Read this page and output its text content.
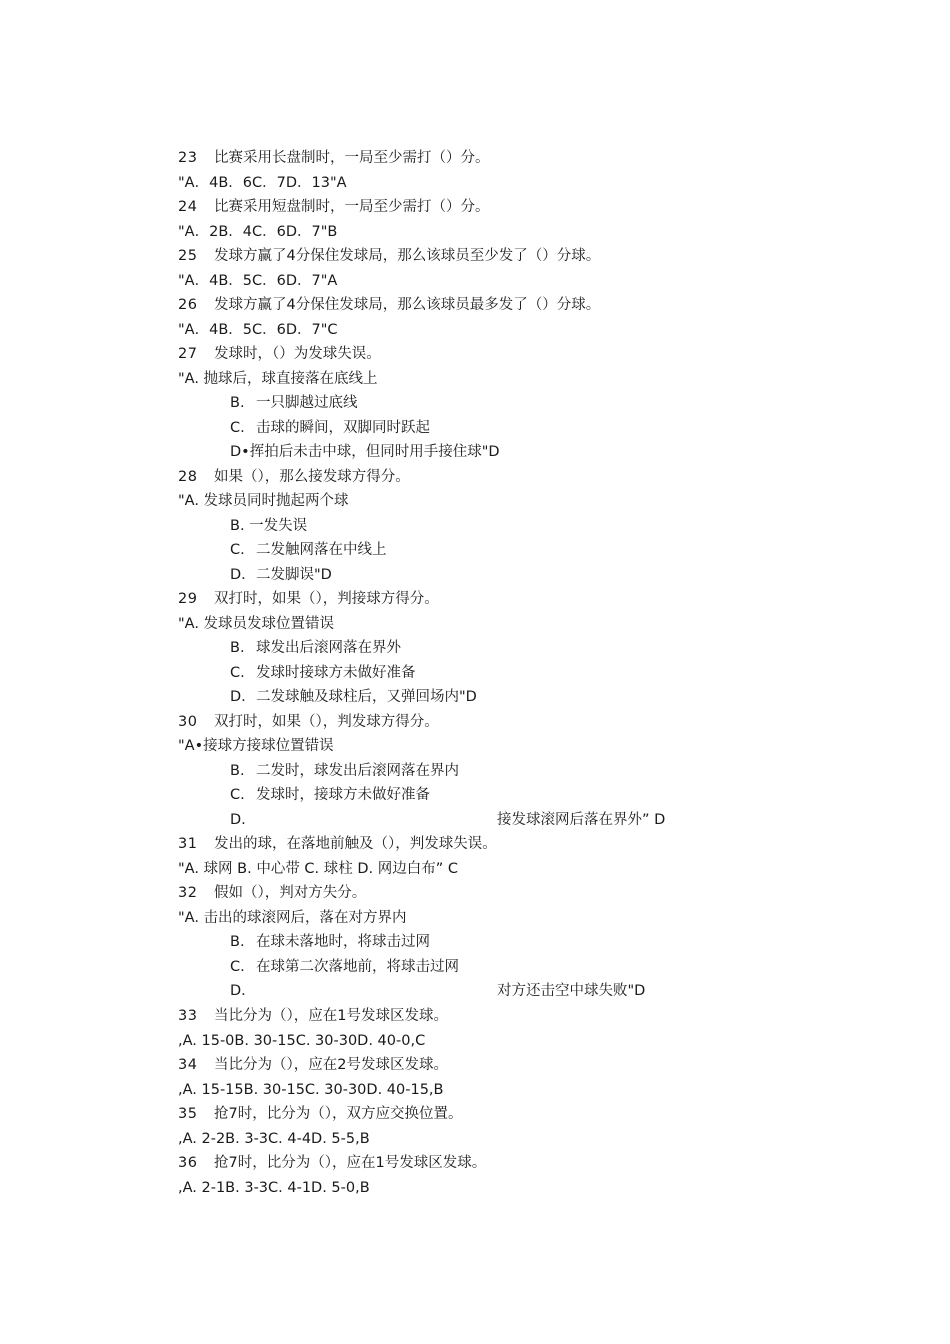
23 比赛采用长盘制时，一局至少需打（）分。
"A．4B．6C．7D．13"A
24 比赛采用短盘制时，一局至少需打（）分。
"A．2B．4C．6D．7"B
25 发球方赢了4分保住发球局，那么该球员至少发了（）分球。
"A．4B．5C．6D．7"A
26 发球方赢了4分保住发球局，那么该球员最多发了（）分球。
"A．4B．5C．6D．7"C
27 发球时，（）为发球失误。
"A. 抛球后，球直接落在底线上
B. 一只脚越过底线
C. 击球的瞬间，双脚同时跃起
D•挥拍后未击中球，但同时用手接住球"D
28 如果（），那么接发球方得分。
"A. 发球员同时抛起两个球
B. 一发失误
C. 二发触网落在中线上
D. 二发脚误"D
29 双打时，如果（），判接球方得分。
"A. 发球员发球位置错误
B. 球发出后滚网落在界外
C. 发球时接球方未做好准备
D. 二发球触及球柱后，又弹回场内"D
30 双打时，如果（），判发球方得分。
"A•接球方接球位置错误
B. 二发时，球发出后滚网落在界内
C. 发球时，接球方未做好准备
D.	接发球滚网后落在界外” D
31 发出的球，在落地前触及（），判发球失误。
"A. 球网 B. 中心带 C. 球柱 D. 网边白布” C
32 假如（），判对方失分。
"A. 击出的球滚网后，落在对方界内
B. 在球未落地时，将球击过网
C. 在球第二次落地前，将球击过网
D.	对方还击空中球失败"D
33 当比分为（），应在1号发球区发球。
,A. 15-0B. 30-15C. 30-30D. 40-0,C
34 当比分为（），应在2号发球区发球。
,A. 15-15B. 30-15C. 30-30D. 40-15,B
35 抢7时，比分为（），双方应交换位置。
,A. 2-2B. 3-3C. 4-4D. 5-5,B
36 抢7时，比分为（），应在1号发球区发球。
,A. 2-1B. 3-3C. 4-1D. 5-0,B
